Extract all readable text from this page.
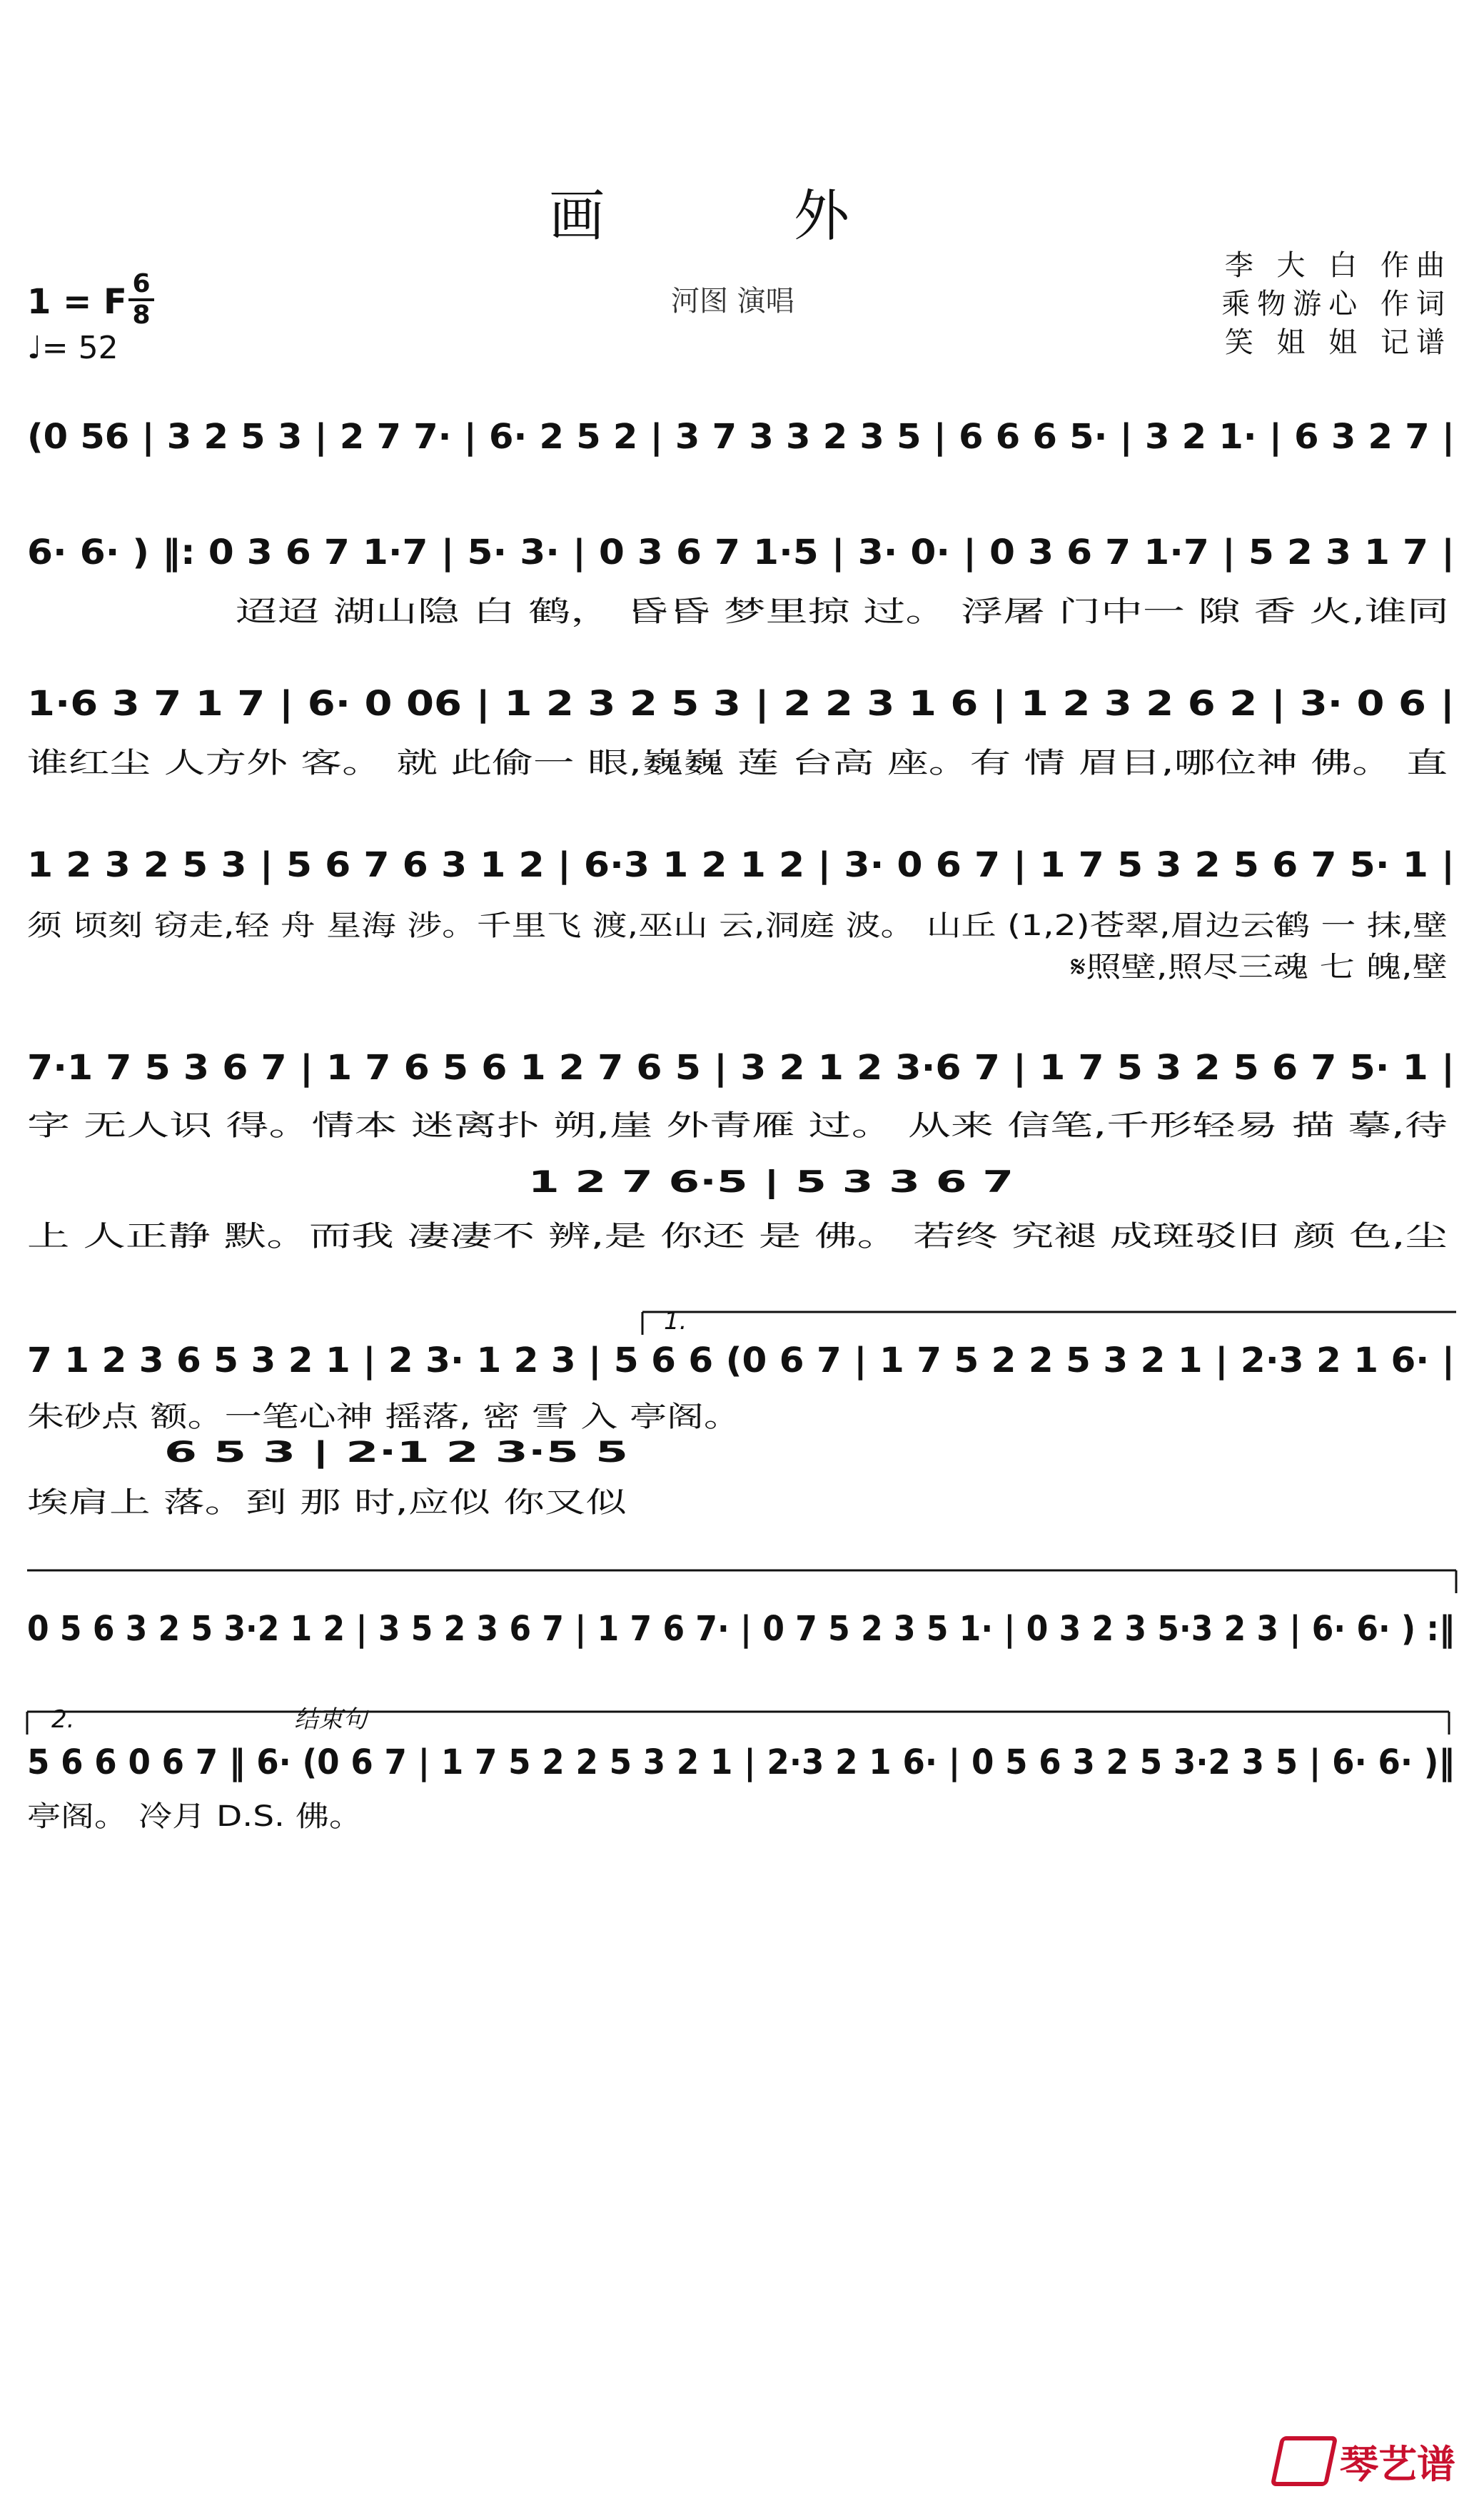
画 外
1 = F 6
8
♩= 52
河图 演唱
李 大 白 作曲
乘物游心 作词
笑 姐 姐 记谱
(0 56 | 3 2 5 3 | 2 7 7· | 6· 2 5 2 | 3 7 3 3 2 3 5 | 6 6 6 5· | 3 2 1· | 6 3 2 7 |
6· 6· ) ‖: 0 3 6 7 1·7 | 5· 3· | 0 3 6 7 1·5 | 3· 0· | 0 3 6 7 1·7 | 5 2 3 1 7 |
迢迢 湖山隐 白 鹤， 昏昏 梦里掠 过。 浮屠 门中一 隙 香 火,谁同
1·6 3 7 1 7 | 6· 0 06 | 1 2 3 2 5 3 | 2 2 3 1 6 | 1 2 3 2 6 2 | 3· 0 6 |
谁红尘 人方外 客。 就 此偷一 眼,巍巍 莲 台高 座。有 情 眉目,哪位神 佛。 直
1 2 3 2 5 3 | 5 6 7 6 3 1 2 | 6·3 1 2 1 2 | 3· 0 6 7 | 1 7 5 3 2 5 6 7 5· 1 |
须 顷刻 窃走,轻 舟 星海 涉。千里飞 渡,巫山 云,洞庭 波。 山丘 (1,2)苍翠,眉边云鹤 一 抹,壁
𝄋照壁,照尽三魂 七 魄,壁
7·1 7 5 3 6 7 | 1 7 6 5 6 1 2 7 6 5 | 3 2 1 2 3·6 7 | 1 7 5 3 2 5 6 7 5· 1 |
字 无人识 得。情本 迷离扑 朔,崖 外青雁 过。 从来 信笔,千形轻易 描 摹,待
1 2 7 6·5 | 5 3 3 6 7
上 人正静 默。而我 凄凄不 辨,是 你还 是 佛。 若终 究褪 成斑驳旧 颜 色,尘
1.
7 1 2 3 6 5 3 2 1 | 2 3· 1 2 3 | 5 6 6 (0 6 7 | 1 7 5 2 2 5 3 2 1 | 2·3 2 1 6· |
朱砂点 额。一笔心神 摇落, 密 雪 入 亭阁。
6 5 3 | 2·1 2 3·5 5
埃肩上 落。到 那 时,应似 你又似
0 5 6 3 2 5 3·2 1 2 | 3 5 2 3 6 7 | 1 7 6 7· | 0 7 5 2 3 5 1· | 0 3 2 3 5·3 2 3 | 6· 6· ) :‖
2.	结束句
5 6 6 0 6 7 ‖ 6· (0 6 7 | 1 7 5 2 2 5 3 2 1 | 2·3 2 1 6· | 0 5 6 3 2 5 3·2 3 5 | 6· 6· )‖
亭阁。 冷月 D.S. 佛。
琴艺谱
